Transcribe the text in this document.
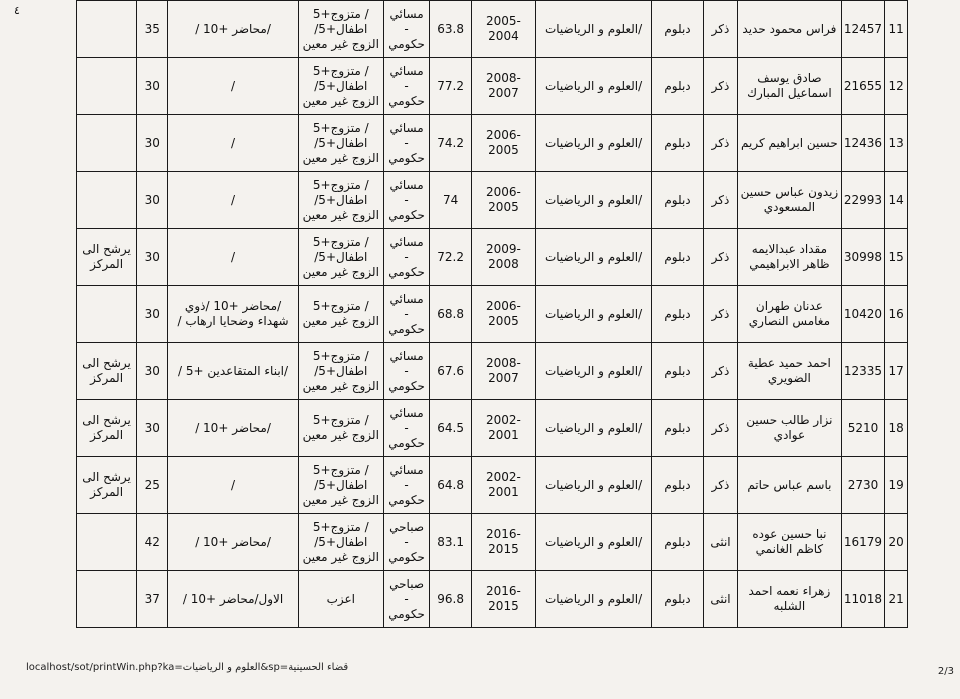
٤
11	12457	فراس محمود حديد	ذكر	دبلوم	/العلوم و الرياضيات	2005-2004	63.8	مسائي - حكومي	/ متزوج+5 اطفال+5/ الزوج غير معين	/محاضر +10 /	35	
12	21655	صادق يوسف اسماعيل المبارك	ذكر	دبلوم	/العلوم و الرياضيات	2008-2007	77.2	مسائي - حكومي	/ متزوج+5 اطفال+5/ الزوج غير معين	/	30	
13	12436	حسين ابراهيم كريم	ذكر	دبلوم	/العلوم و الرياضيات	2006-2005	74.2	مسائي - حكومي	/ متزوج+5 اطفال+5/ الزوج غير معين	/	30	
14	22993	زيدون عباس حسين المسعودي	ذكر	دبلوم	/العلوم و الرياضيات	2006-2005	74	مسائي - حكومي	/ متزوج+5 اطفال+5/ الزوج غير معين	/	30	
15	30998	مقداد عبدالايمه ظاهر الابراهيمي	ذكر	دبلوم	/العلوم و الرياضيات	2009-2008	72.2	مسائي - حكومي	/ متزوج+5 اطفال+5/ الزوج غير معين	/	30	يرشح الى المركز
16	10420	عدنان طهران مغامس النصاري	ذكر	دبلوم	/العلوم و الرياضيات	2006-2005	68.8	مسائي - حكومي	/ متزوج+5 الزوج غير معين	/محاضر +10 /ذوي شهداء وضحايا ارهاب /	30	
17	12335	احمد حميد عطية الضويري	ذكر	دبلوم	/العلوم و الرياضيات	2008-2007	67.6	مسائي - حكومي	/ متزوج+5 اطفال+5/ الزوج غير معين	/ابناء المتقاعدين +5 /	30	يرشح الى المركز
18	5210	نزار طالب حسين عوادي	ذكر	دبلوم	/العلوم و الرياضيات	2002-2001	64.5	مسائي - حكومي	/ متزوج+5 الزوج غير معين	/محاضر +10 /	30	يرشح الى المركز
19	2730	باسم عباس حاتم	ذكر	دبلوم	/العلوم و الرياضيات	2002-2001	64.8	مسائي - حكومي	/ متزوج+5 اطفال+5/ الزوج غير معين	/	25	يرشح الى المركز
20	16179	نبا حسين عوده كاظم الغانمي	انثى	دبلوم	/العلوم و الرياضيات	2016-2015	83.1	صباحي - حكومي	/ متزوج+5 اطفال+5/ الزوج غير معين	/محاضر +10 /	42	
21	11018	زهراء نعمه احمد الشلبه	انثى	دبلوم	/العلوم و الرياضيات	2016-2015	96.8	صباحي - حكومي	اعزب	الاول/محاضر +10 /	37	
localhost/sot/printWin.php?ka=العلوم و الرياضيات&sp=قضاء الحسينية	2/3
